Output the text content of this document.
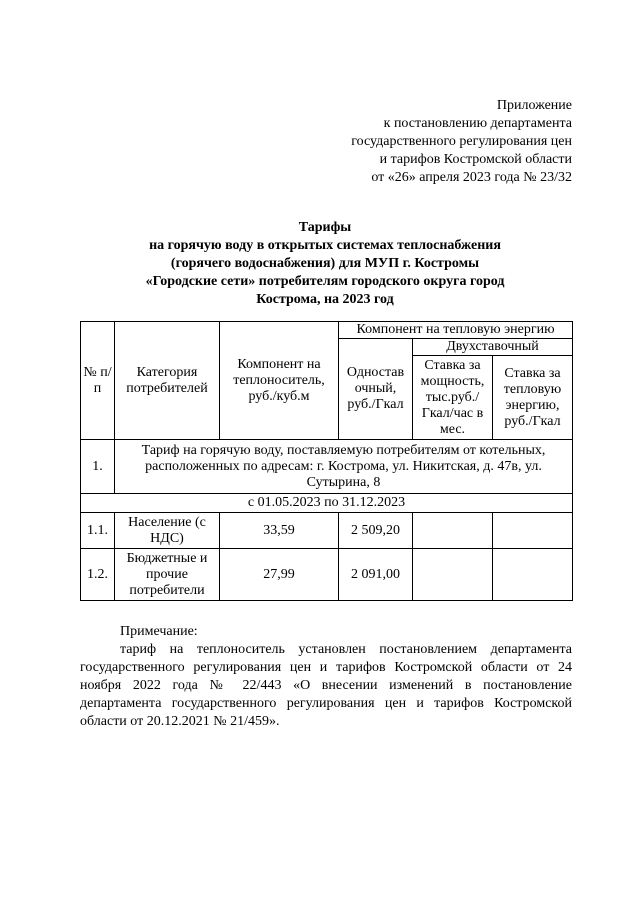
Приложение
к постановлению департамента
государственного регулирования цен
и тарифов Костромской области
от «26» апреля 2023 года № 23/32
Тарифы
на горячую воду в открытых системах теплоснабжения
(горячего водоснабжения) для МУП г. Костромы
«Городские сети» потребителям городского округа город
Кострома, на 2023 год
№ п/п	Категория потребителей	Компонент на теплоноситель, руб./куб.м	Компонент на тепловую энергию		
			Одностав очный, руб./Гкал	Двухставочный	
				Ставка за мощность, тыс.руб./ Гкал/час в мес.	Ставка за тепловую энергию, руб./Гкал
1.	Тариф на горячую воду, поставляемую потребителям от котельных, расположенных по адресам: г. Кострома, ул. Никитская, д. 47в, ул. Сутырина, 8				
с 01.05.2023 по 31.12.2023					
1.1.	Население (с НДС)	33,59	2 509,20		
1.2.	Бюджетные и прочие потребители	27,99	2 091,00		
Примечание:
тариф на теплоноситель установлен постановлением департамента государственного регулирования цен и тарифов Костромской области от 24 ноября 2022 года № 22/443 «О внесении изменений в постановление департамента государственного регулирования цен и тарифов Костромской области от 20.12.2021 № 21/459».
